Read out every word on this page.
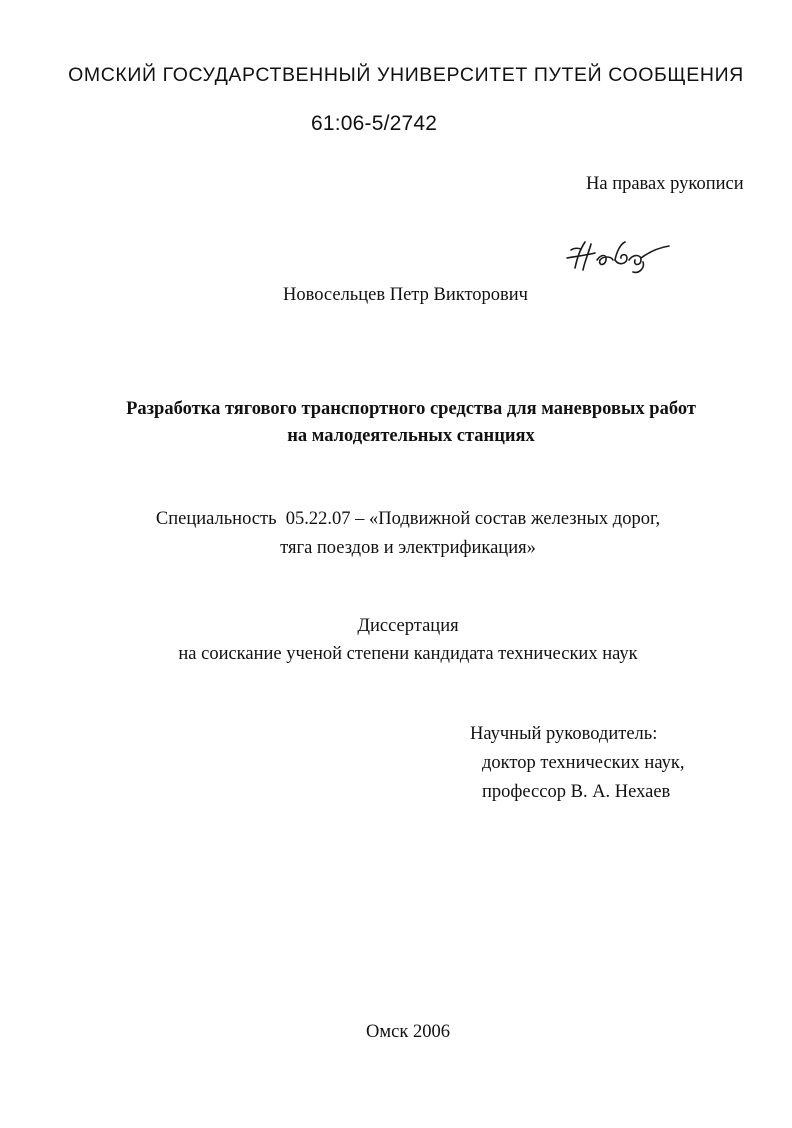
ОМСКИЙ ГОСУДАРСТВЕННЫЙ УНИВЕРСИТЕТ ПУТЕЙ СООБЩЕНИЯ
61:06-5/2742
На правах рукописи
Новосельцев Петр Викторович
Разработка тягового транспортного средства для маневровых работ
на малодеятельных станциях
Специальность  05.22.07 – «Подвижной состав железных дорог,
тяга поездов и электрификация»
Диссертация
на соискание ученой степени кандидата технических наук
Научный руководитель:
доктор технических наук,
профессор В. А. Нехаев
Омск 2006
